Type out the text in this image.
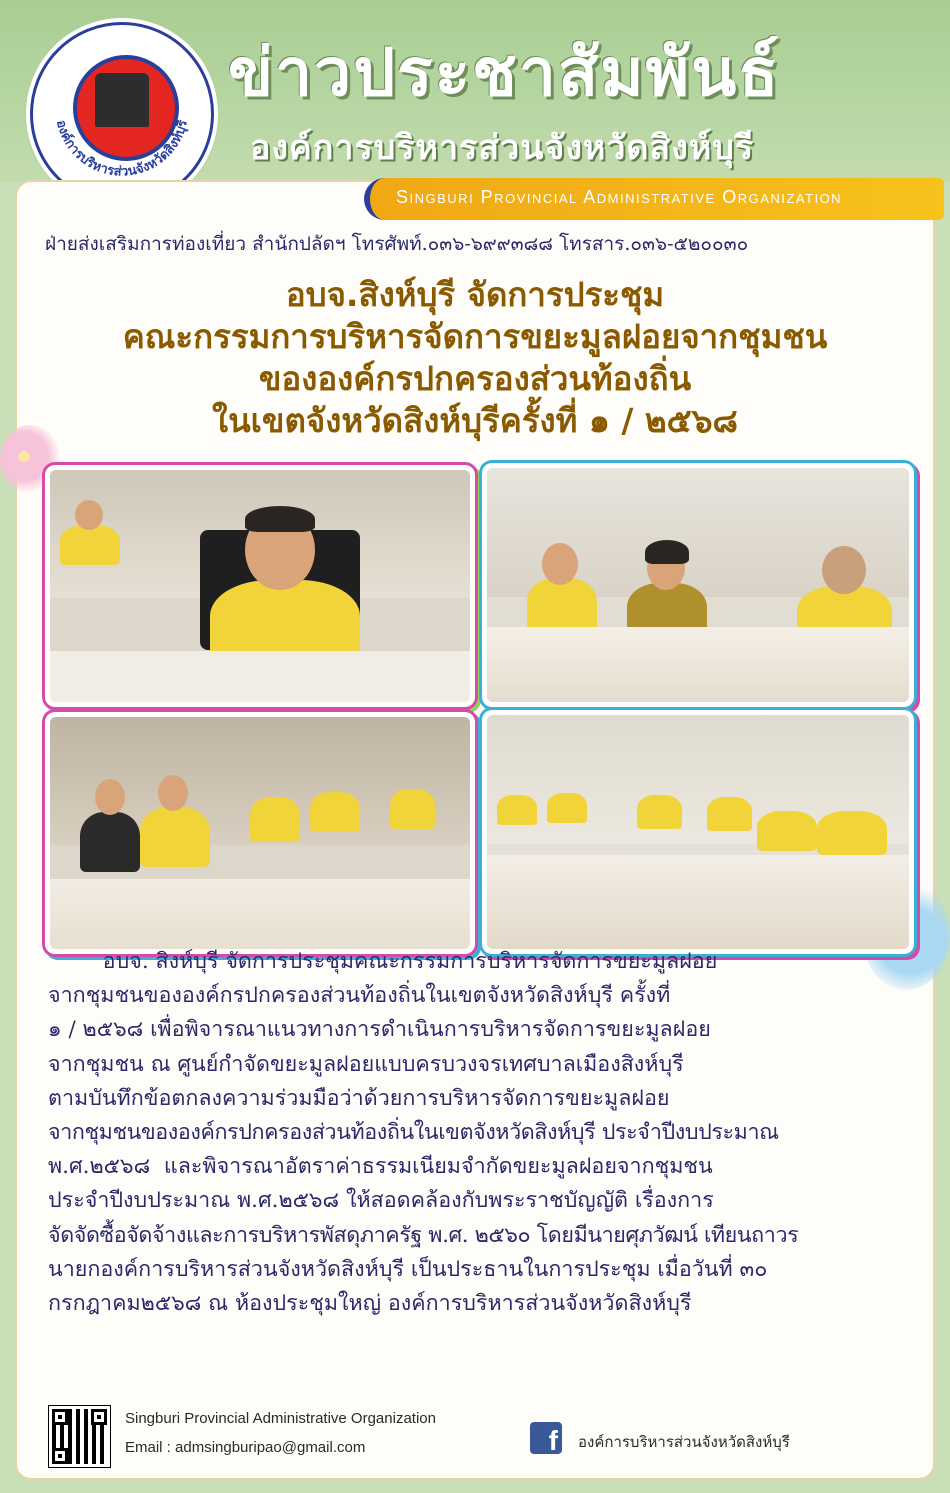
องค์การบริหารส่วนจังหวัดสิงห์บุรี
ข่าวประชาสัมพันธ์
องค์การบริหารส่วนจังหวัดสิงห์บุรี
Singburi Provincial Administrative Organization
ฝ่ายส่งเสริมการท่องเที่ยว สำนักปลัดฯ โทรศัพท์.๐๓๖-๖๙๙๓๘๘ โทรสาร.๐๓๖-๕๒๐๐๓๐
อบจ.สิงห์บุรี จัดการประชุม
คณะกรรมการบริหารจัดการขยะมูลฝอยจากชุมชน
ขององค์กรปกครองส่วนท้องถิ่น
ในเขตจังหวัดสิงห์บุรีครั้งที่ ๑ / ๒๕๖๘

อบจ. สิงห์บุรี จัดการประชุมคณะกรรมการบริหารจัดการขยะมูลฝอย

จากชุมชนขององค์กรปกครองส่วนท้องถิ่นในเขตจังหวัดสิงห์บุรี ครั้งที่

๑ / ๒๕๖๘ เพื่อพิจารณาแนวทางการดำเนินการบริหารจัดการขยะมูลฝอย

จากชุมชน ณ ศูนย์กำจัดขยะมูลฝอยแบบครบวงจรเทศบาลเมืองสิงห์บุรี

ตามบันทึกข้อตกลงความร่วมมือว่าด้วยการบริหารจัดการขยะมูลฝอย

จากชุมชนขององค์กรปกครองส่วนท้องถิ่นในเขตจังหวัดสิงห์บุรี ประจำปีงบประมาณ

พ.ศ.๒๕๖๘  และพิจารณาอัตราค่าธรรมเนียมจำกัดขยะมูลฝอยจากชุมชน

ประจำปีงบประมาณ พ.ศ.๒๕๖๘ ให้สอดคล้องกับพระราชบัญญัติ เรื่องการ

จัดจัดซื้อจัดจ้างและการบริหารพัสดุภาครัฐ พ.ศ. ๒๕๖๐ โดยมีนายศุภวัฒน์ เทียนถาวร

นายกองค์การบริหารส่วนจังหวัดสิงห์บุรี เป็นประธานในการประชุม เมื่อวันที่ ๓๐

กรกฎาคม๒๕๖๘ ณ ห้องประชุมใหญ่ องค์การบริหารส่วนจังหวัดสิงห์บุรี

Singburi Provincial Administrative Organization
Email : admsingburipao@gmail.com	f องค์การบริหารส่วนจังหวัดสิงห์บุรี
